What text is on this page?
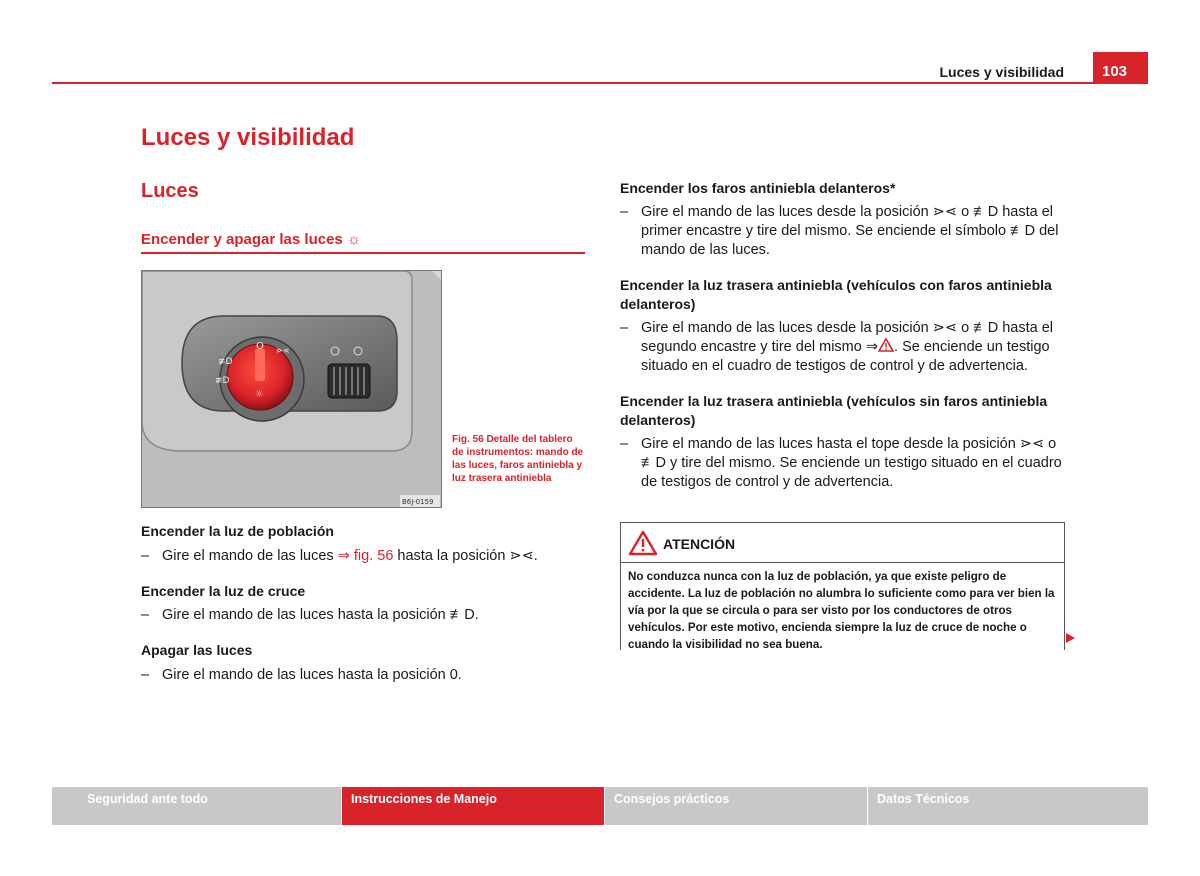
Luces y visibilidad	103
Luces y visibilidad
Luces
Encender y apagar las luces ☼
O ⋗⋖
≢D
≢D
☼
B6J-0159
Fig. 56 Detalle del tablero de instrumentos: mando de las luces, faros antiniebla y luz trasera antiniebla
Encender la luz de población
– Gire el mando de las luces ⇒ fig. 56 hasta la posición ⋗⋖.
Encender la luz de cruce
– Gire el mando de las luces hasta la posición ≢D.
Apagar las luces
– Gire el mando de las luces hasta la posición 0.
Encender los faros antiniebla delanteros*
– Gire el mando de las luces desde la posición ⋗⋖ o ≢D hasta el primer encastre y tire del mismo. Se enciende el símbolo ≢D del mando de las luces.
Encender la luz trasera antiniebla (vehículos con faros antiniebla delanteros)
– Gire el mando de las luces desde la posición ⋗⋖ o ≢D hasta el segundo encastre y tire del mismo ⇒ . Se enciende un testigo situado en el cuadro de testigos de control y de advertencia.
Encender la luz trasera antiniebla (vehículos sin faros antiniebla delanteros)
– Gire el mando de las luces hasta el tope desde la posición ⋗⋖ o ≢D y tire del mismo. Se enciende un testigo situado en el cuadro de testigos de control y de advertencia.
ATENCIÓN
No conduzca nunca con la luz de población, ya que existe peligro de accidente. La luz de población no alumbra lo suficiente como para ver bien la vía por la que se circula o para ser visto por los conductores de otros vehículos. Por este motivo, encienda siempre la luz de cruce de noche o cuando la visibilidad no sea buena.
Seguridad ante todo	Instrucciones de Manejo	Consejos prácticos	Datos Técnicos
